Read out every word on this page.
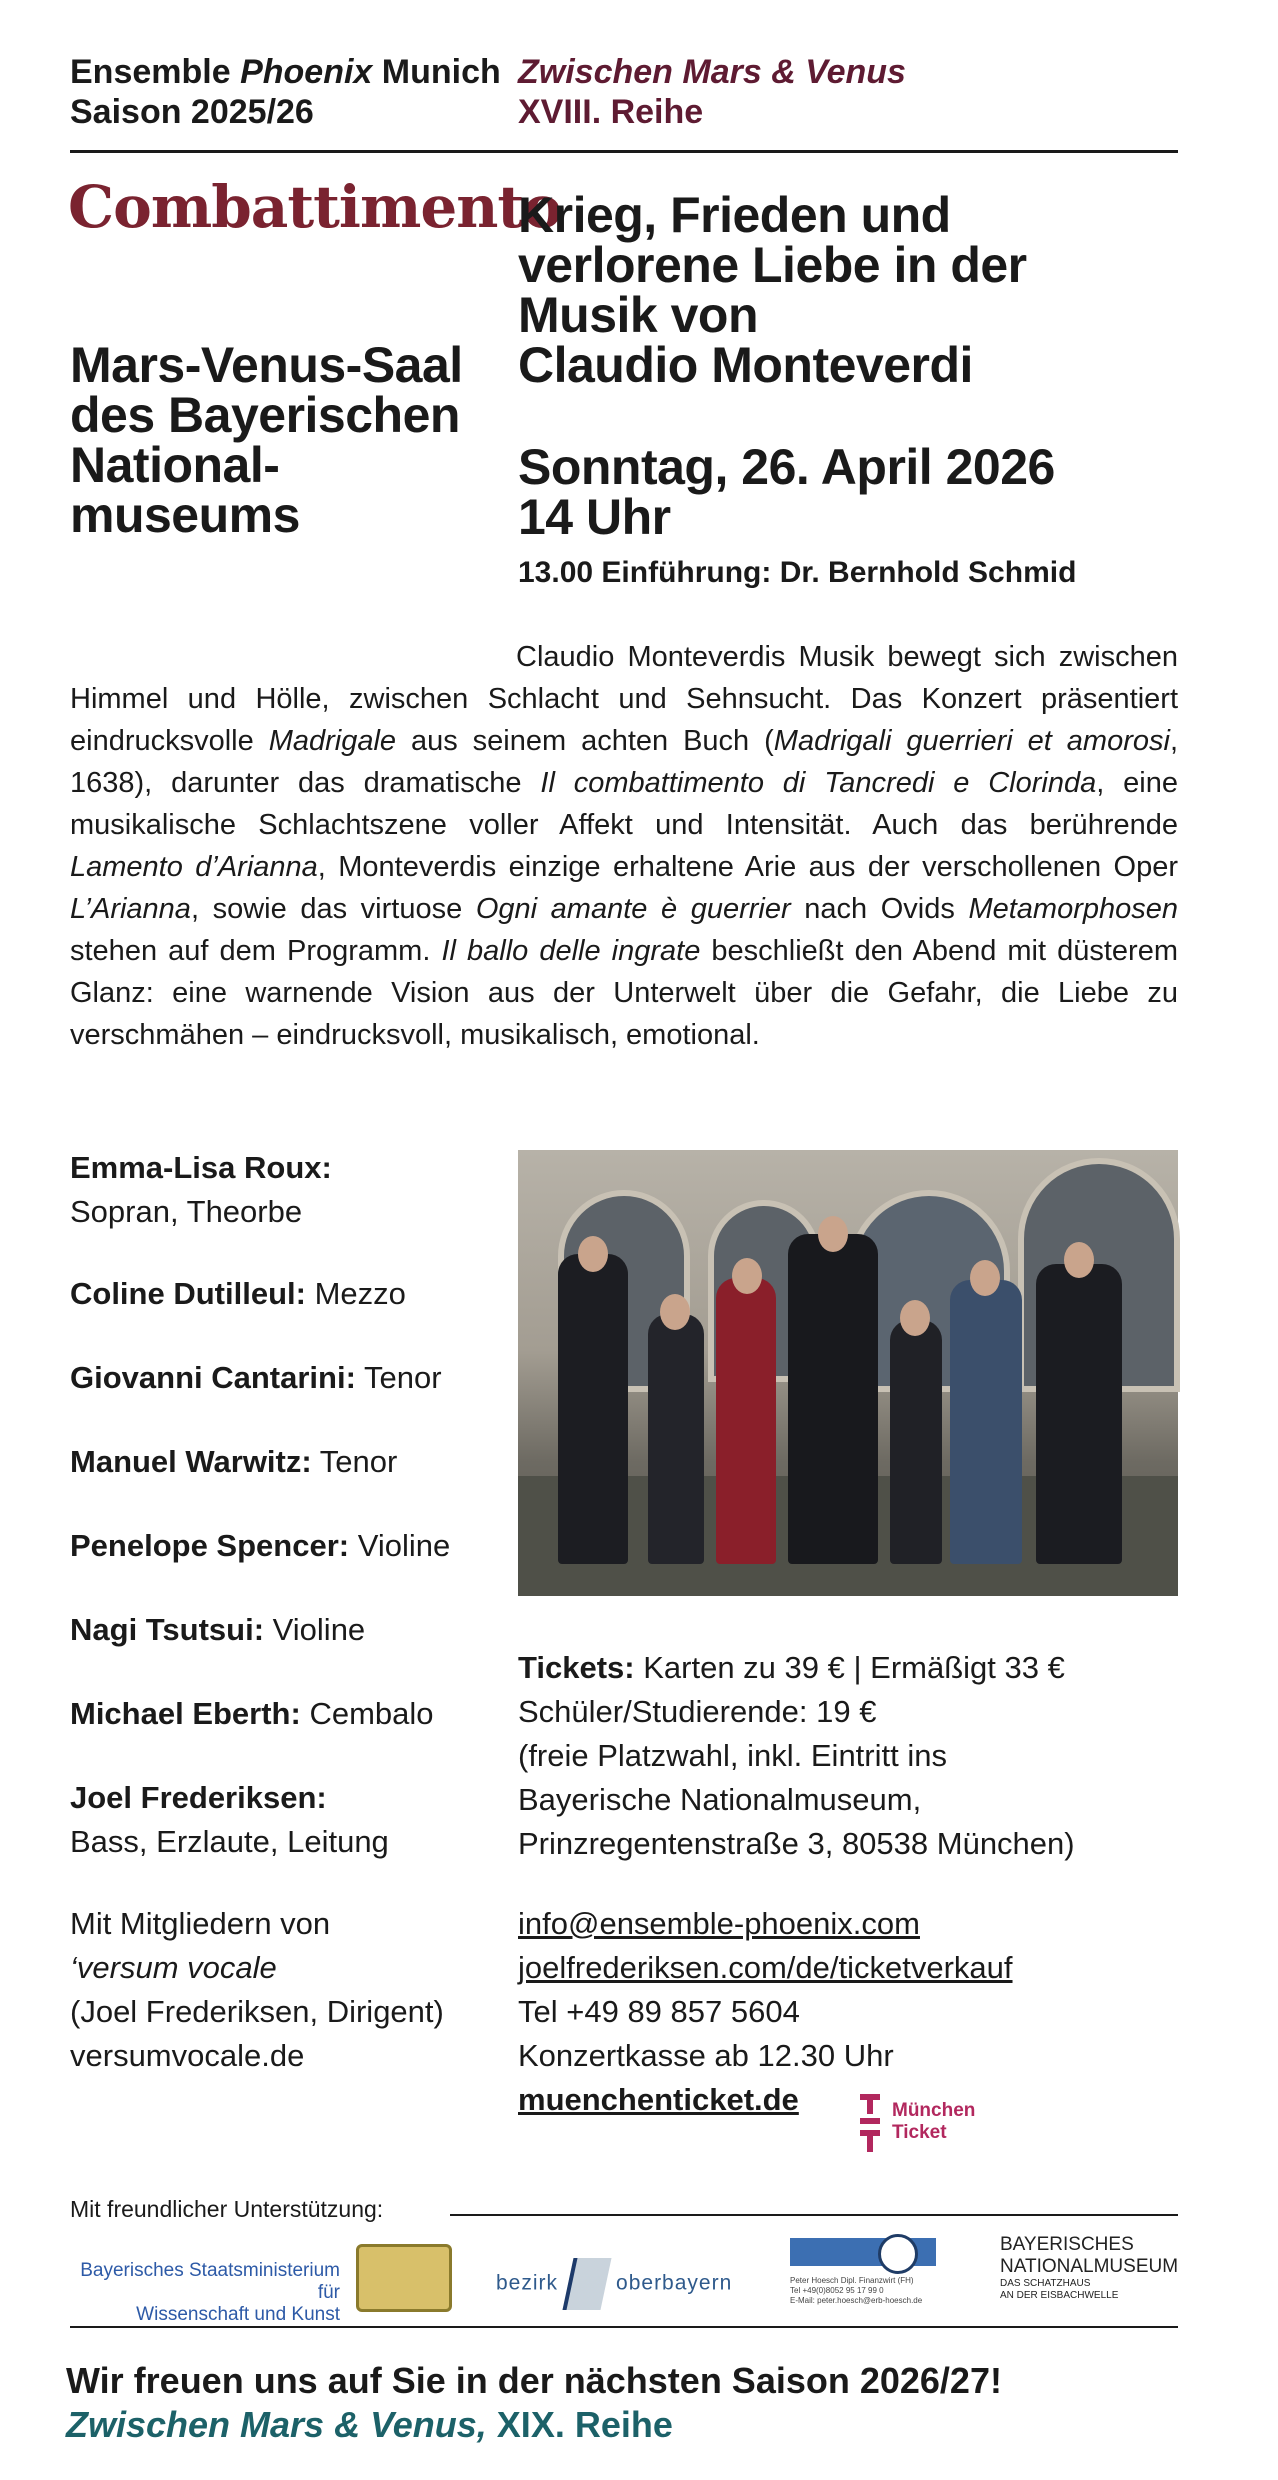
Ensemble Phoenix Munich
Saison 2025/26
Zwischen Mars & Venus
XVIII. Reihe
Combattimento
Krieg, Frieden und
verlorene Liebe in der
Musik von
Claudio Monteverdi
Mars-Venus-Saal
des Bayerischen
National-
museums
Sonntag, 26. April 2026
14 Uhr
13.00 Einführung: Dr. Bernhold Schmid
Claudio Monteverdis Musik bewegt sich zwischen Himmel und Hölle, zwischen Schlacht und Sehnsucht. Das Konzert präsentiert eindrucksvolle Madrigale aus seinem achten Buch (Madrigali guerrieri et amorosi, 1638), darunter das dramatische Il combattimento di Tancredi e Clorinda, eine musikalische Schlachtszene voller Affekt und Intensität. Auch das berührende Lamento d’Arianna, Monteverdis einzige erhaltene Arie aus der verschollenen Oper L’Arianna, sowie das virtuose Ogni amante è guerrier nach Ovids Metamorphosen stehen auf dem Programm. Il ballo delle ingrate beschließt den Abend mit düsterem Glanz: eine warnende Vision aus der Unterwelt über die Gefahr, die Liebe zu verschmähen – eindrucksvoll, musikalisch, emotional.
Emma-Lisa Roux:
Sopran, Theorbe
Coline Dutilleul: Mezzo
Giovanni Cantarini: Tenor
Manuel Warwitz: Tenor
Penelope Spencer: Violine
Nagi Tsutsui: Violine
Michael Eberth: Cembalo
Joel Frederiksen:
Bass, Erzlaute, Leitung
Mit Mitgliedern von
‘versum vocale
(Joel Frederiksen, Dirigent)
versumvocale.de
Foto: Gregory Wang
Tickets: Karten zu 39 € | Ermäßigt 33 €
Schüler/Studierende: 19 €
(freie Platzwahl, inkl. Eintritt ins
Bayerische Nationalmuseum,
Prinzregentenstraße 3, 80538 München)
info@ensemble-phoenix.com
joelfrederiksen.com/de/ticketverkauf
Tel +49 89 857 5604
Konzertkasse ab 12.30 Uhr
muenchenticket.de	München
Ticket
Mit freundlicher Unterstützung:
Bayerisches Staatsministerium für
Wissenschaft und Kunst
bezirk	oberbayern	Peter Hoesch Dipl. Finanzwirt (FH)
Tel +49(0)8052 95 17 99 0
E-Mail: peter.hoesch@erb-hoesch.de
BAYERISCHES
NATIONALMUSEUM
DAS SCHATZHAUS
AN DER EISBACHWELLE
Wir freuen uns auf Sie in der nächsten Saison 2026/27!
Zwischen Mars & Venus, XIX. Reihe
